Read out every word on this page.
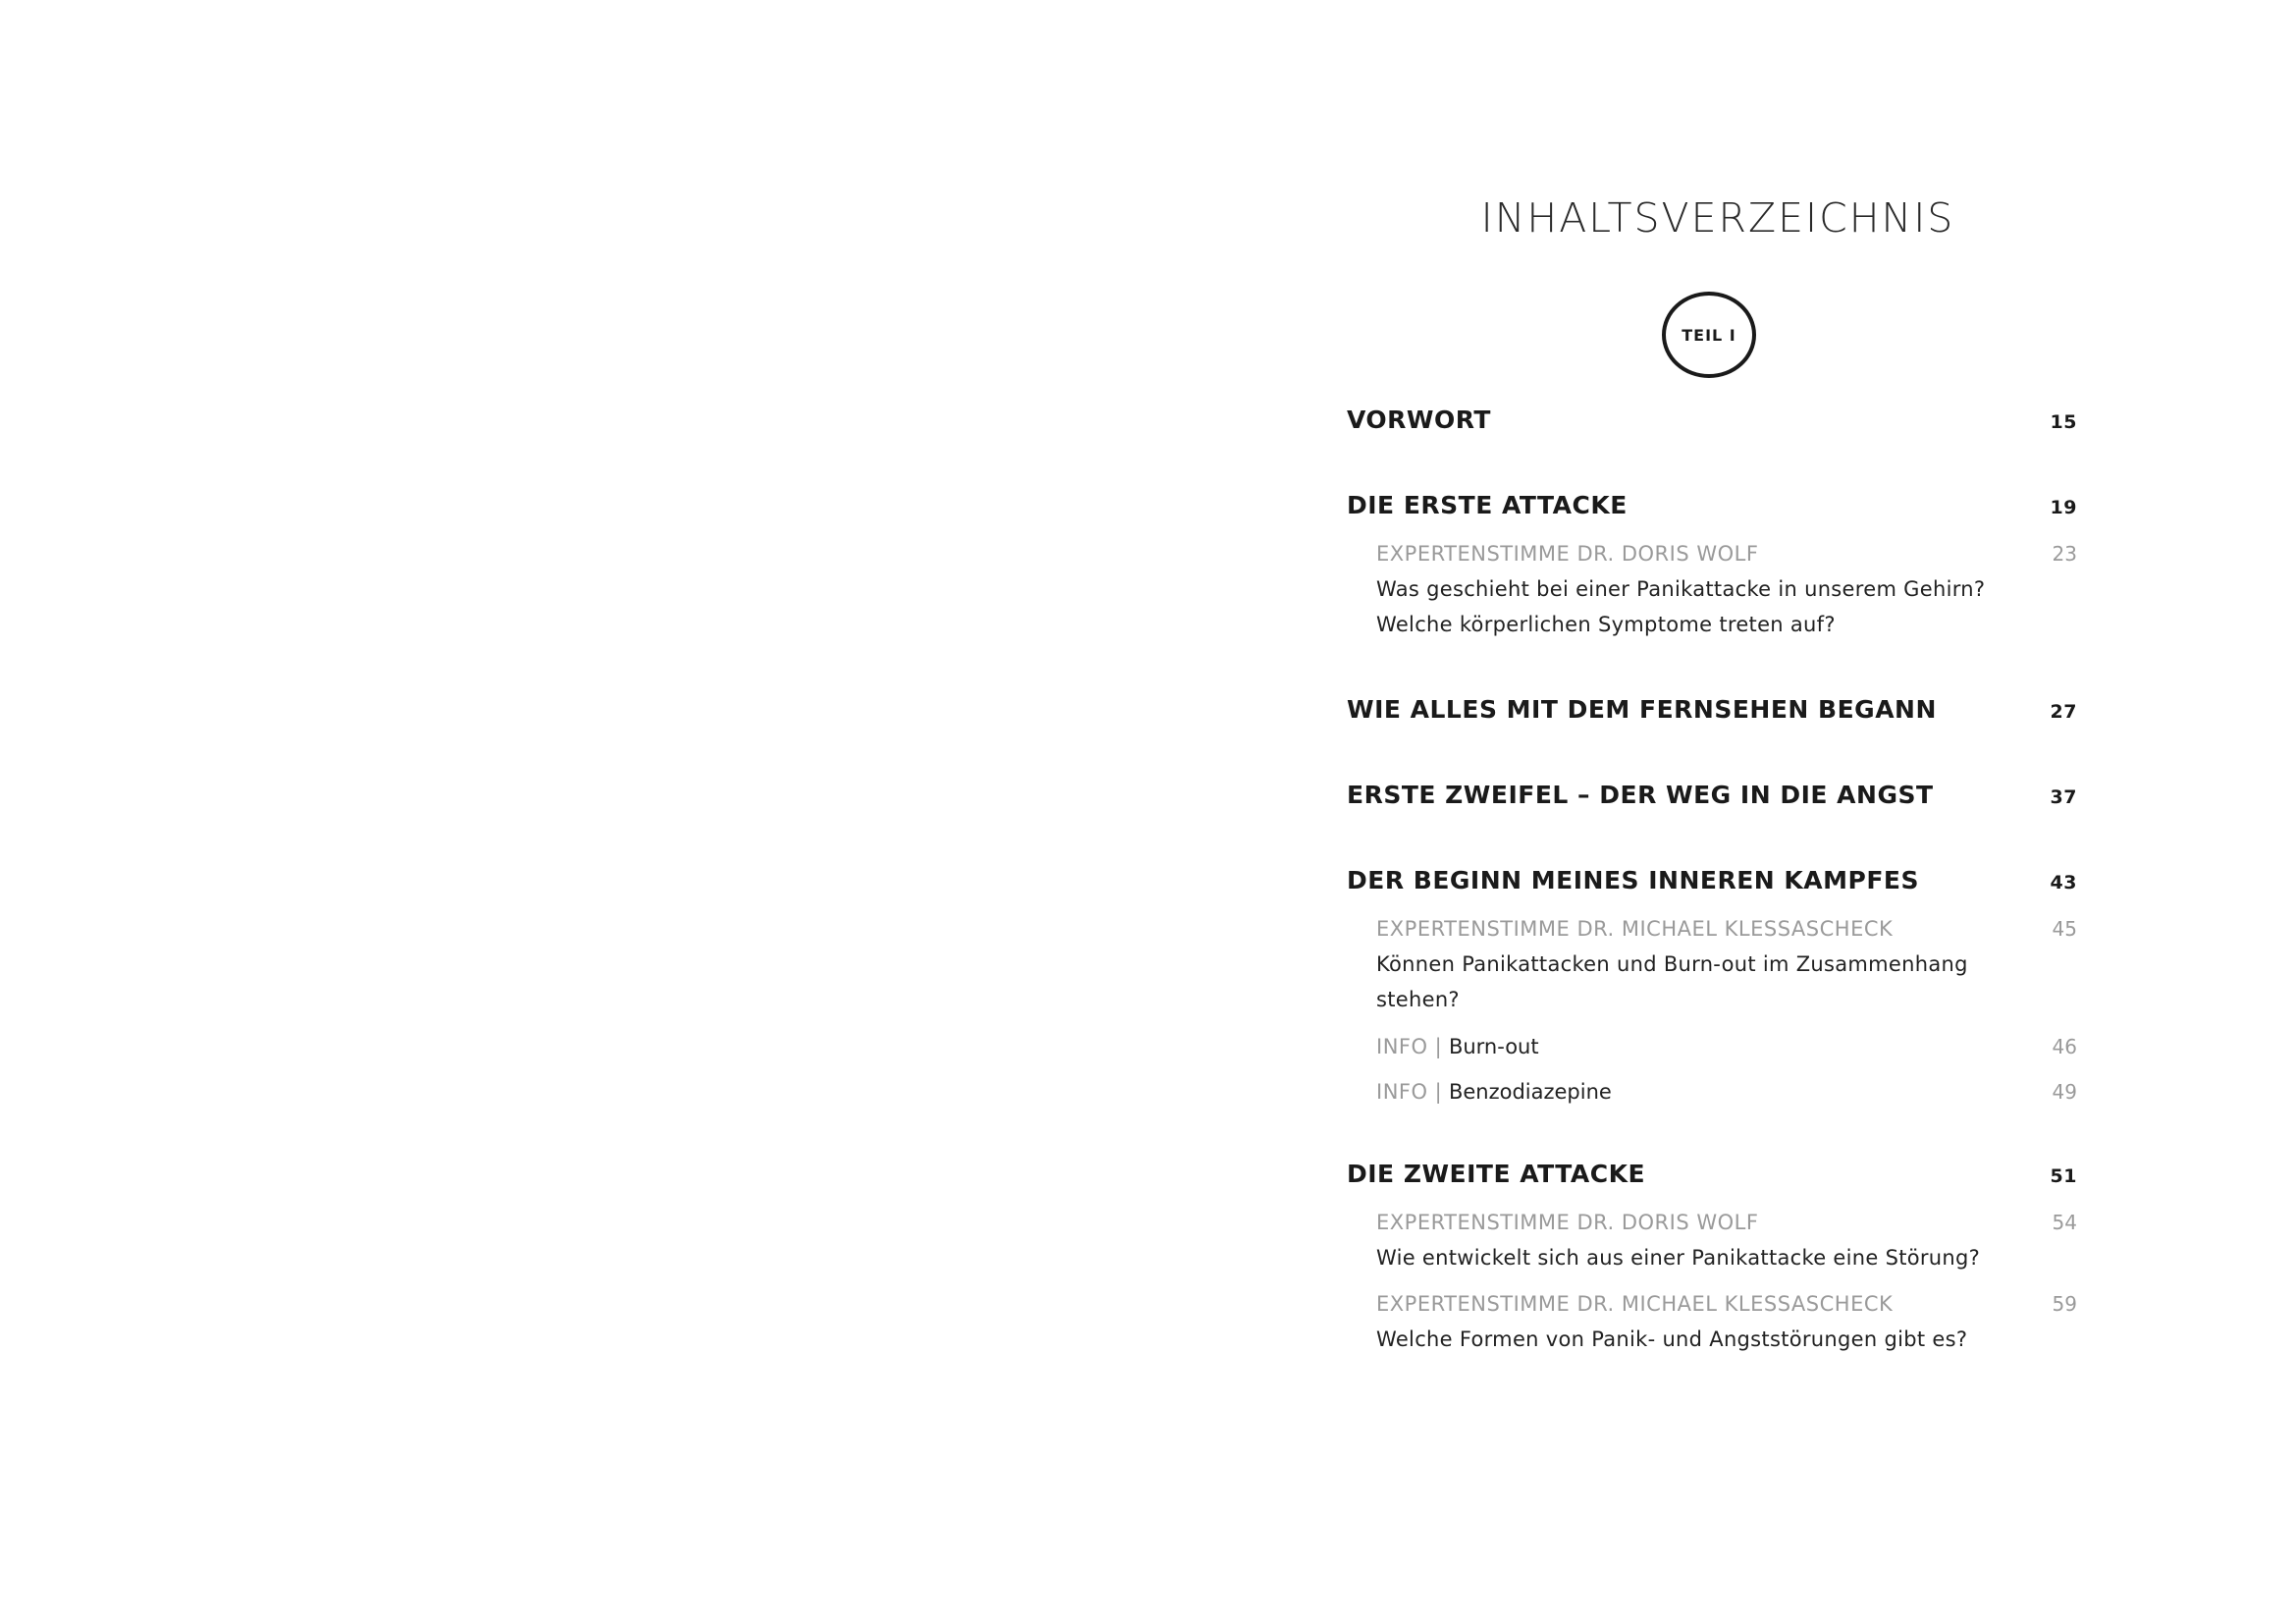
INHALTSVERZEICHNIS
TEIL I
VORWORT	15
DIE ERSTE ATTACKE	19
EXPERTENSTIMME DR. DORIS WOLF	23
Was geschieht bei einer Panikattacke in unserem Gehirn?
Welche körperlichen Symptome treten auf?
WIE ALLES MIT DEM FERNSEHEN BEGANN	27
ERSTE ZWEIFEL – DER WEG IN DIE ANGST	37
DER BEGINN MEINES INNEREN KAMPFES	43
EXPERTENSTIMME DR. MICHAEL KLESSASCHECK	45
Können Panikattacken und Burn-out im Zusammenhang
stehen?
INFO | Burn-out	46
INFO | Benzodiazepine	49
DIE ZWEITE ATTACKE	51
EXPERTENSTIMME DR. DORIS WOLF	54
Wie entwickelt sich aus einer Panikattacke eine Störung?
EXPERTENSTIMME DR. MICHAEL KLESSASCHECK	59
Welche Formen von Panik- und Angststörungen gibt es?
